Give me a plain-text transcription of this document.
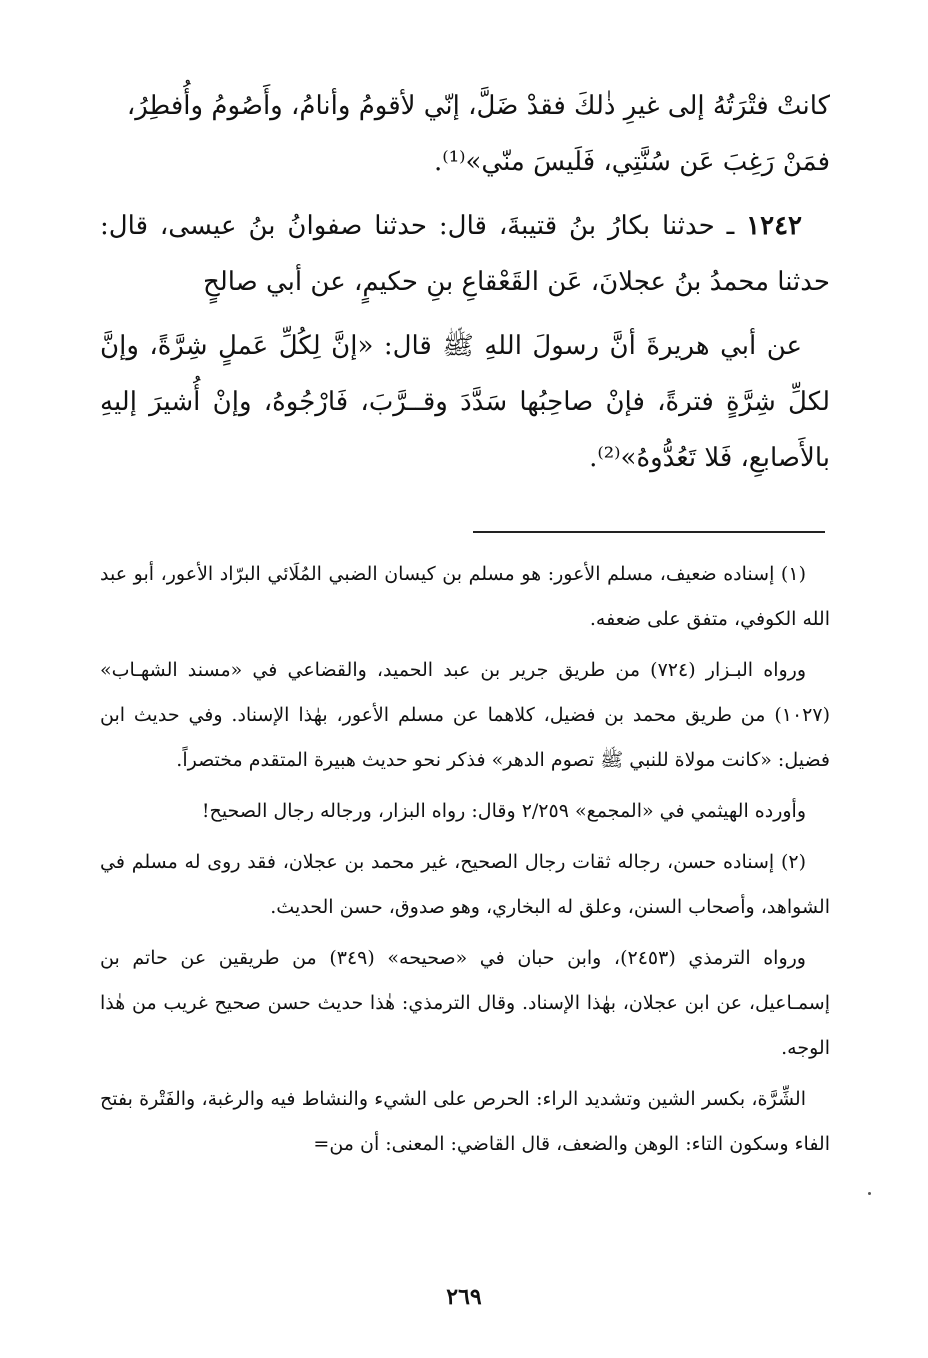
كانتْ فتْرَتُهُ إلى غيرِ ذٰلكَ فقدْ ضَلَّ، إنّي لأقومُ وأنامُ، وأَصُومُ وأُفطِرُ،
فمَنْ رَغِبَ عَن سُنَّتِي، فَلَيسَ منّي»⁽¹⁾.

١٢٤٢ ـ حدثنا بكارُ بنُ قتيبةَ، قال: حدثنا صفوانُ بنُ عيسى، قال: حدثنا محمدُ بنُ عجلانَ، عَن القَعْقاعِ بنِ حكيمٍ، عن أبي صالحٍ

عن أبي هريرةَ أنَّ رسولَ اللهِ ﷺ قال: «إنَّ لِكُلِّ عَملٍ شِرَّةً، وإنَّ لكلِّ شِرَّةٍ فترةً، فإنْ صاحِبُها سَدَّدَ وقــرَّبَ، فَارْجُوهُ، وإنْ أُشيرَ إليهِ بالأَصابعِ، فَلا تَعُدُّوهُ»⁽²⁾.

(١) إسناده ضعيف، مسلم الأعور: هو مسلم بن كيسان الضبي المُلَائي البرّاد الأعور، أبو عبد الله الكوفي، متفق على ضعفه.

ورواه البـزار (٧٢٤) من طريق جرير بن عبد الحميد، والقضاعي في «مسند الشهـاب» (١٠٢٧) من طريق محمد بن فضيل، كلاهما عن مسلم الأعور، بهٰذا الإسناد. وفي حديث ابن فضيل: «كانت مولاة للنبي ﷺ تصوم الدهر» فذكر نحو حديث هبيرة المتقدم مختصراً.

وأورده الهيثمي في «المجمع» ٢/٢٥٩ وقال: رواه البزار، ورجاله رجال الصحيح!

(٢) إسناده حسن، رجاله ثقات رجال الصحيح، غير محمد بن عجلان، فقد روى له مسلم في الشواهد، وأصحاب السنن، وعلق له البخاري، وهو صدوق، حسن الحديث.

ورواه الترمذي (٢٤٥٣)، وابن حبان في «صحيحه» (٣٤٩) من طريقين عن حاتم بن إسمـاعيل، عن ابن عجلان، بهٰذا الإسناد. وقال الترمذي: هٰذا حديث حسن صحيح غريب من هٰذا الوجه.

الشِّرَّة، بكسر الشين وتشديد الراء: الحرص على الشيء والنشاط فيه والرغبة، والفَتْرة بفتح الفاء وسكون التاء: الوهن والضعف، قال القاضي: المعنى: أن من=

٢٦٩
